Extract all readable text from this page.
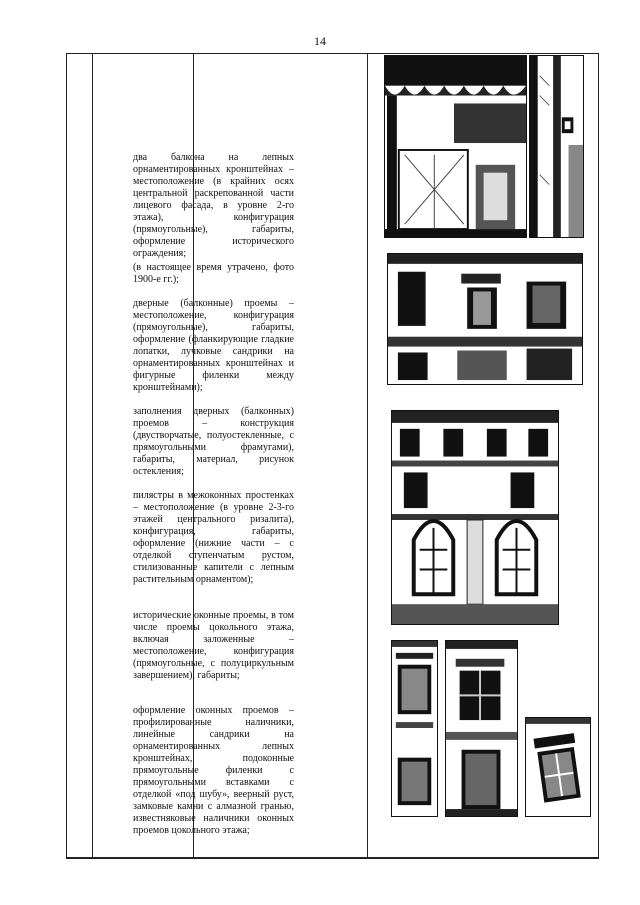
14
два балкона на лепных орнаментированных кронштейнах – местоположение (в крайних осях центральной раскрепованной части лицевого фасада, в уровне 2-го этажа), конфигурация (прямоугольные), габариты, оформление исторического ограждения;
(в настоящее время утрачено, фото 1900-е гг.);
дверные (балконные) проемы – местоположение, конфигурация (прямоугольные), габариты, оформление (фланкирующие гладкие лопатки, лучковые сандрики на орнаментированных кронштейнах и фигурные филенки между кронштейнами);
заполнения дверных (балконных) проемов – конструкция (двустворчатые, полуостекленные, с прямоугольными фрамугами), габариты, материал, рисунок остекления;
пилястры в межоконных простенках – местоположение (в уровне 2-3-го этажей центрального ризалита), конфигурация, габариты, оформление (нижние части – с отделкой ступенчатым рустом, стилизованные капители с лепным растительным орнаментом);
исторические оконные проемы, в том числе проемы цокольного этажа, включая заложенные – местоположение, конфигурация (прямоугольные, с полуциркульным завершением), габариты;
оформление оконных проемов – профилированные наличники, линейные сандрики на орнаментированных лепных кронштейнах, подоконные прямоугольные филенки с прямоугольными вставками с отделкой «под шубу», веерный руст, замковые камни с алмазной гранью, известняковые наличники оконных проемов цокольного этажа;
